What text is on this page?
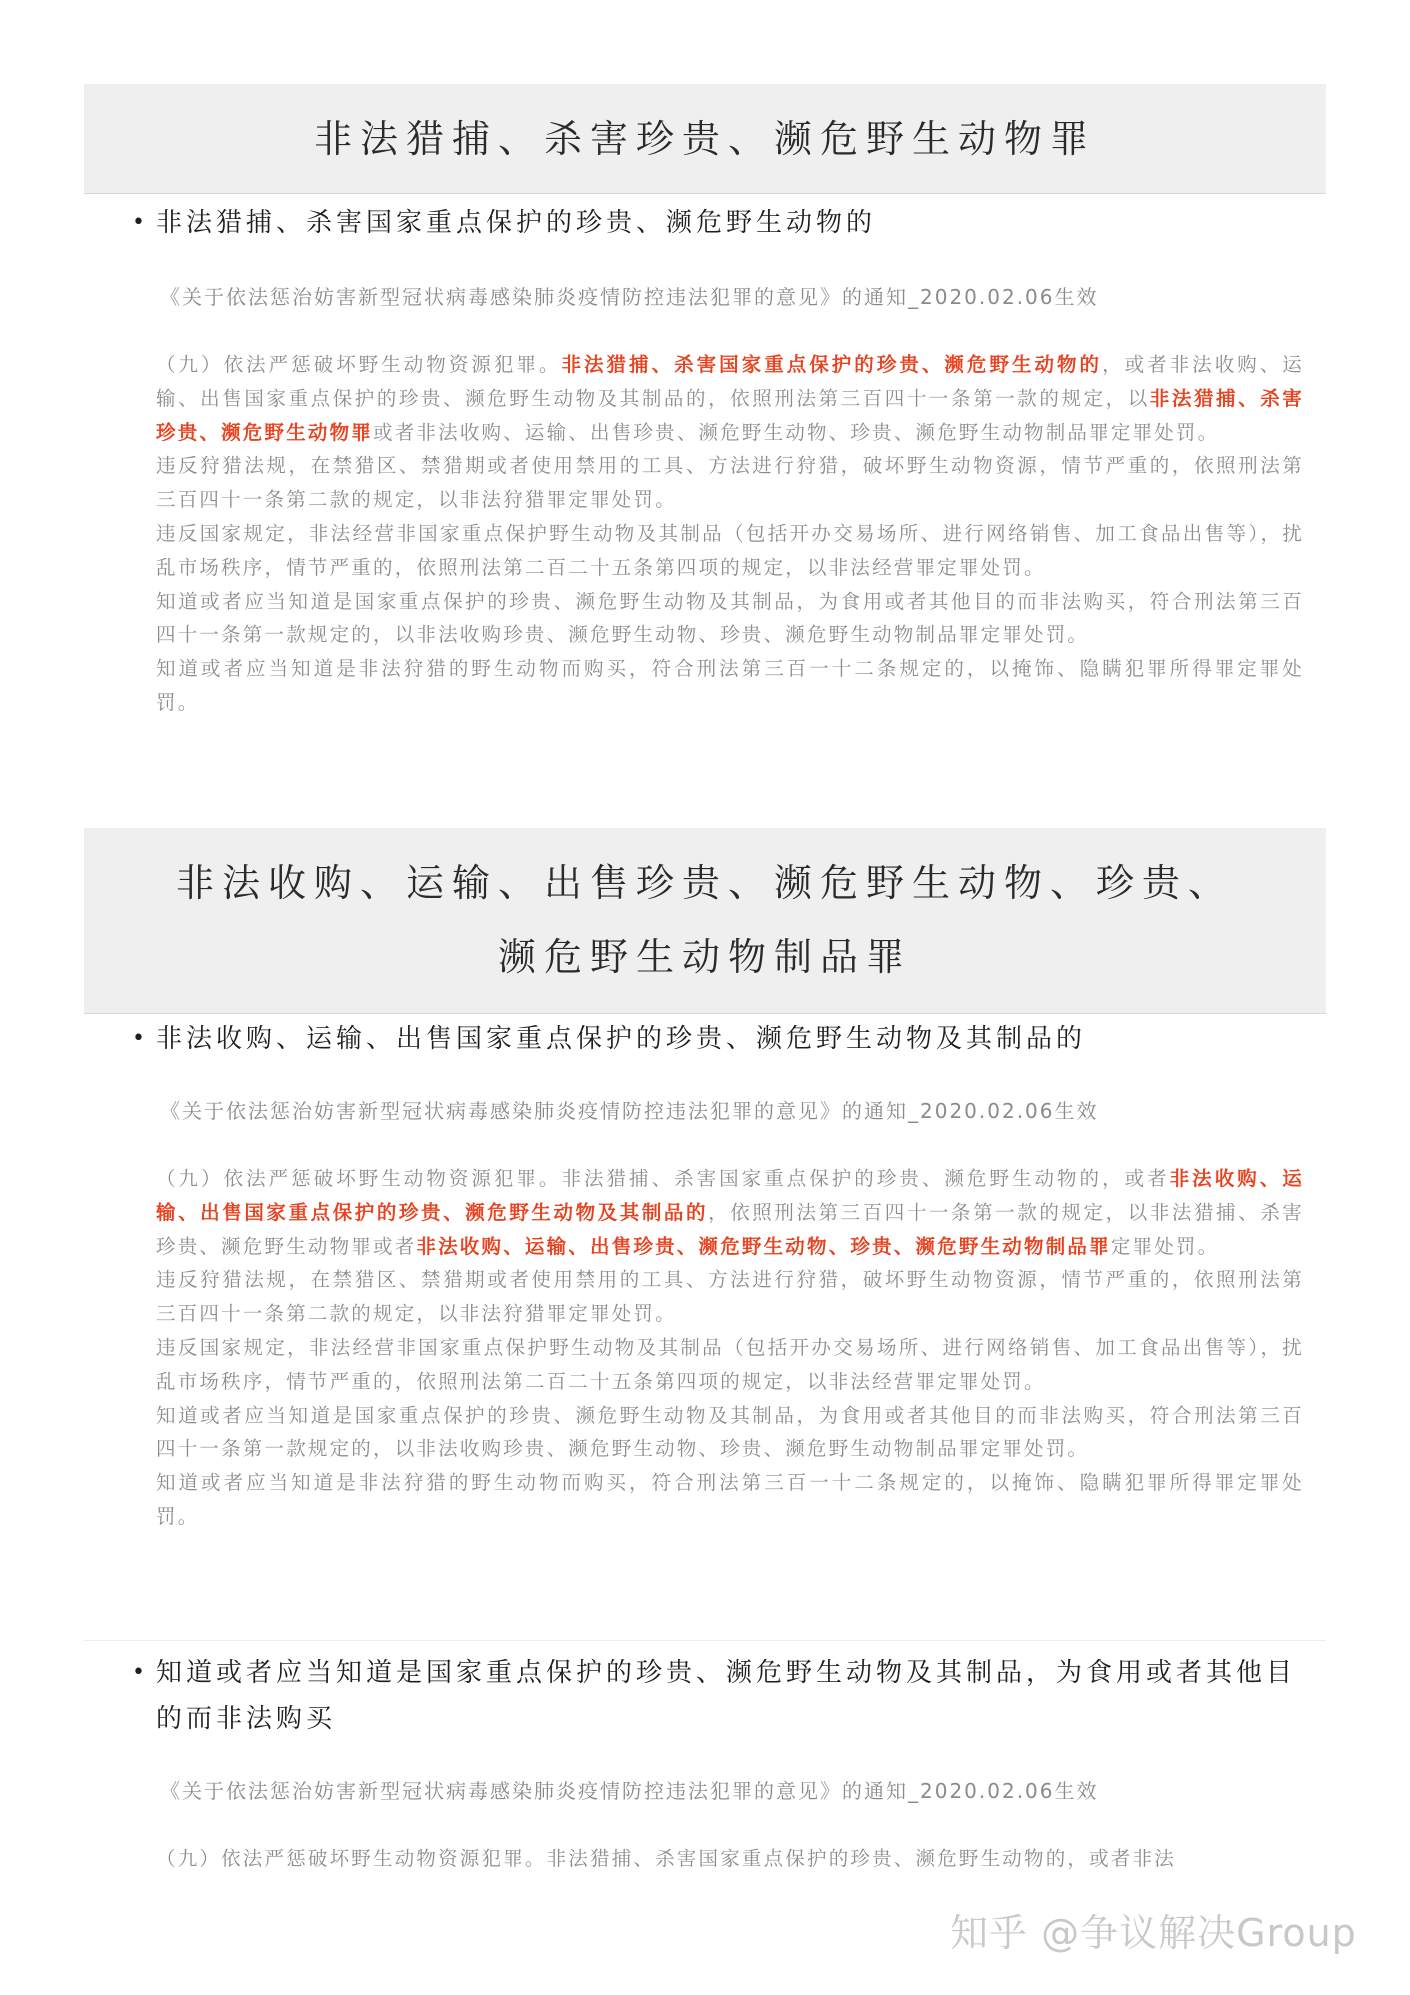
非法猎捕、杀害珍贵、濒危野生动物罪
• 非法猎捕、杀害国家重点保护的珍贵、濒危野生动物的
《关于依法惩治妨害新型冠状病毒感染肺炎疫情防控违法犯罪的意见》的通知_2020.02.06生效

（九）依法严惩破坏野生动物资源犯罪。非法猎捕、杀害国家重点保护的珍贵、濒危野生动物的，或者非法收购、运输、出售国家重点保护的珍贵、濒危野生动物及其制品的，依照刑法第三百四十一条第一款的规定，以非法猎捕、杀害珍贵、濒危野生动物罪或者非法收购、运输、出售珍贵、濒危野生动物、珍贵、濒危野生动物制品罪定罪处罚。

违反狩猎法规，在禁猎区、禁猎期或者使用禁用的工具、方法进行狩猎，破坏野生动物资源，情节严重的，依照刑法第三百四十一条第二款的规定，以非法狩猎罪定罪处罚。

违反国家规定，非法经营非国家重点保护野生动物及其制品（包括开办交易场所、进行网络销售、加工食品出售等），扰乱市场秩序，情节严重的，依照刑法第二百二十五条第四项的规定，以非法经营罪定罪处罚。

知道或者应当知道是国家重点保护的珍贵、濒危野生动物及其制品，为食用或者其他目的而非法购买，符合刑法第三百四十一条第一款规定的，以非法收购珍贵、濒危野生动物、珍贵、濒危野生动物制品罪定罪处罚。

知道或者应当知道是非法狩猎的野生动物而购买，符合刑法第三百一十二条规定的，以掩饰、隐瞒犯罪所得罪定罪处罚。

非法收购、运输、出售珍贵、濒危野生动物、珍贵、
濒危野生动物制品罪
• 非法收购、运输、出售国家重点保护的珍贵、濒危野生动物及其制品的
《关于依法惩治妨害新型冠状病毒感染肺炎疫情防控违法犯罪的意见》的通知_2020.02.06生效

（九）依法严惩破坏野生动物资源犯罪。非法猎捕、杀害国家重点保护的珍贵、濒危野生动物的，或者非法收购、运输、出售国家重点保护的珍贵、濒危野生动物及其制品的，依照刑法第三百四十一条第一款的规定，以非法猎捕、杀害珍贵、濒危野生动物罪或者非法收购、运输、出售珍贵、濒危野生动物、珍贵、濒危野生动物制品罪定罪处罚。

违反狩猎法规，在禁猎区、禁猎期或者使用禁用的工具、方法进行狩猎，破坏野生动物资源，情节严重的，依照刑法第三百四十一条第二款的规定，以非法狩猎罪定罪处罚。

违反国家规定，非法经营非国家重点保护野生动物及其制品（包括开办交易场所、进行网络销售、加工食品出售等），扰乱市场秩序，情节严重的，依照刑法第二百二十五条第四项的规定，以非法经营罪定罪处罚。

知道或者应当知道是国家重点保护的珍贵、濒危野生动物及其制品，为食用或者其他目的而非法购买，符合刑法第三百四十一条第一款规定的，以非法收购珍贵、濒危野生动物、珍贵、濒危野生动物制品罪定罪处罚。

知道或者应当知道是非法狩猎的野生动物而购买，符合刑法第三百一十二条规定的，以掩饰、隐瞒犯罪所得罪定罪处罚。

• 知道或者应当知道是国家重点保护的珍贵、濒危野生动物及其制品，为食用或者其他目的而非法购买
《关于依法惩治妨害新型冠状病毒感染肺炎疫情防控违法犯罪的意见》的通知_2020.02.06生效

（九）依法严惩破坏野生动物资源犯罪。非法猎捕、杀害国家重点保护的珍贵、濒危野生动物的，或者非法

知乎 @争议解决Group
